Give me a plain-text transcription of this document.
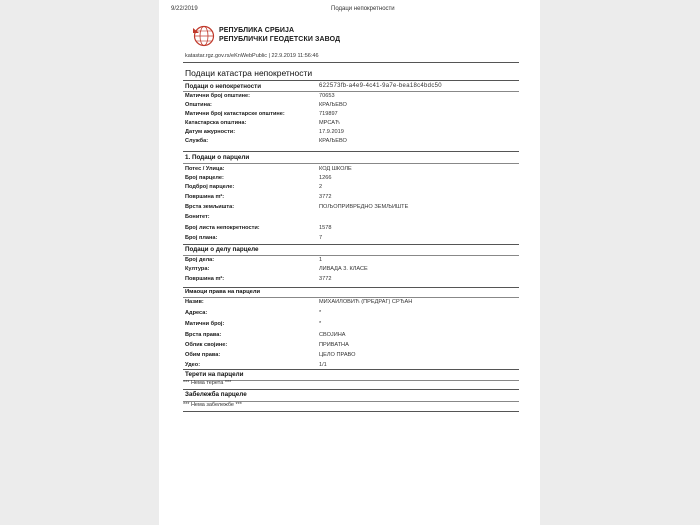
9/22/2019	Подаци непокретности
РЕПУБЛИКА СРБИЈА
РЕПУБЛИЧКИ ГЕОДЕТСКИ ЗАВОД
katastar.rgz.gov.rs/eKnWebPublic | 22.9.2019 11:56:46
Подаци катастра непокретности
Подаци о непокретности	622573fb-a4e9-4c41-9a7e-bea18c4bdc50
Матични број општине:	70653
Општина:	КРАЉЕВО
Матични број катастарске општине:	719897
Катастарска општина:	МРСАЋ
Датум ажурности:	17.9.2019
Служба:	КРАЉЕВО
1. Подаци о парцели
Потес / Улица:	КОД ШКОЛЕ
Број парцеле:	1266
Подброј парцеле:	2
Површина m²:	3772
Врста земљишта:	ПОЉОПРИВРЕДНО ЗЕМЉИШТЕ
Бонитет:
Број листа непокретности:	1578
Број плана:	7
Подаци о делу парцеле
Број дела:	1
Култура:	ЛИВАДА 3. КЛАСЕ
Површина m²:	3772
Имаоци права на парцели
Назив:	МИХАИЛОВИЋ (ПРЕДРАГ) СРЂАН
Адреса:	*
Матични број:	*
Врста права:	СВОЈИНА
Облик својине:	ПРИВАТНА
Обим права:	ЦЕЛО ПРАВО
Удео:	1/1
Терети на парцели
*** Нема терета ***
Забележба парцеле
*** Нема забележбе ***
